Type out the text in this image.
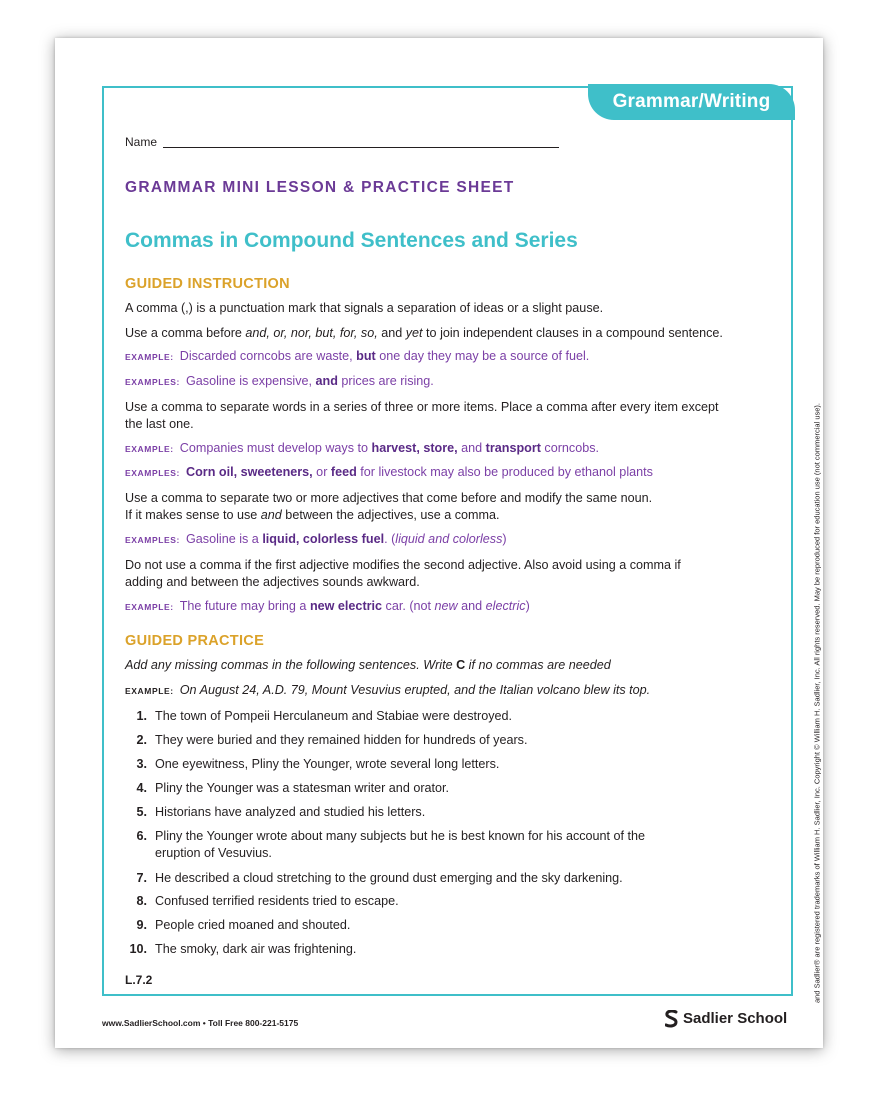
Grammar/Writing
Name
GRAMMAR MINI LESSON & PRACTICE SHEET
Commas in Compound Sentences and Series
GUIDED INSTRUCTION
A comma (,) is a punctuation mark that signals a separation of ideas or a slight pause.
Use a comma before and, or, nor, but, for, so, and yet to join independent clauses in a compound sentence.
EXAMPLE: Discarded corncobs are waste, but one day they may be a source of fuel.
EXAMPLES: Gasoline is expensive, and prices are rising.
Use a comma to separate words in a series of three or more items. Place a comma after every item except
the last one.
EXAMPLE: Companies must develop ways to harvest, store, and transport corncobs.
EXAMPLES: Corn oil, sweeteners, or feed for livestock may also be produced by ethanol plants
Use a comma to separate two or more adjectives that come before and modify the same noun.
If it makes sense to use and between the adjectives, use a comma.
EXAMPLES: Gasoline is a liquid, colorless fuel. (liquid and colorless)
Do not use a comma if the first adjective modifies the second adjective. Also avoid using a comma if
adding and between the adjectives sounds awkward.
EXAMPLE: The future may bring a new electric car. (not new and electric)
GUIDED PRACTICE
Add any missing commas in the following sentences. Write C if no commas are needed
EXAMPLE: On August 24, A.D. 79, Mount Vesuvius erupted, and the Italian volcano blew its top.
1. The town of Pompeii Herculaneum and Stabiae were destroyed.
2. They were buried and they remained hidden for hundreds of years.
3. One eyewitness, Pliny the Younger, wrote several long letters.
4. Pliny the Younger was a statesman writer and orator.
5. Historians have analyzed and studied his letters.
6. Pliny the Younger wrote about many subjects but he is best known for his account of the
eruption of Vesuvius.
7. He described a cloud stretching to the ground dust emerging and the sky darkening.
8. Confused terrified residents tried to escape.
9. People cried moaned and shouted.
10. The smoky, dark air was frightening.
L.7.2
www.SadlierSchool.com • Toll Free 800-221-5175	Sadlier School
and Sadlier® are registered trademarks of William H. Sadlier, Inc. Copyright © William H. Sadlier, Inc. All rights reserved. May be reproduced for education use (not commercial use).
